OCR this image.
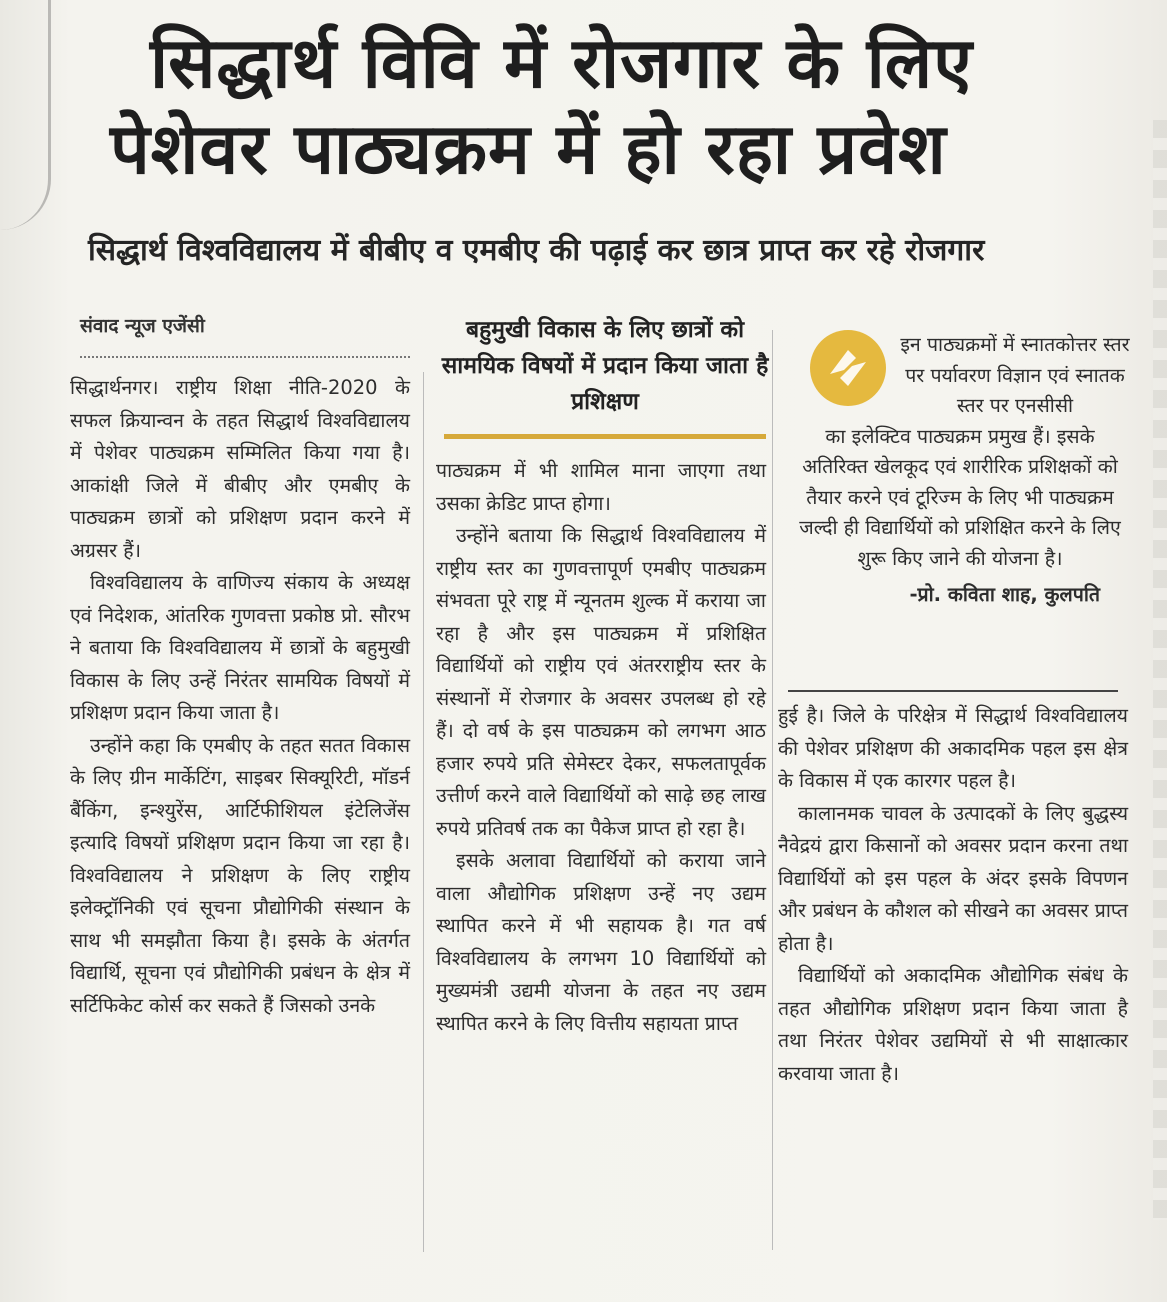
सिद्धार्थ विवि में रोजगार के लिए
पेशेवर पाठ्यक्रम में हो रहा प्रवेश
सिद्धार्थ विश्वविद्यालय में बीबीए व एमबीए की पढ़ाई कर छात्र प्राप्त कर रहे रोजगार
संवाद न्यूज एजेंसी

सिद्धार्थनगर। राष्ट्रीय शिक्षा नीति-2020 के सफल क्रियान्वन के तहत सिद्धार्थ विश्वविद्यालय में पेशेवर पाठ्यक्रम सम्मिलित किया गया है। आकांक्षी जिले में बीबीए और एमबीए के पाठ्यक्रम छात्रों को प्रशिक्षण प्रदान करने में अग्रसर हैं।

विश्वविद्यालय के वाणिज्य संकाय के अध्यक्ष एवं निदेशक, आंतरिक गुणवत्ता प्रकोष्ठ प्रो. सौरभ ने बताया कि विश्वविद्यालय में छात्रों के बहुमुखी विकास के लिए उन्हें निरंतर सामयिक विषयों में प्रशिक्षण प्रदान किया जाता है।

उन्होंने कहा कि एमबीए के तहत सतत विकास के लिए ग्रीन मार्केटिंग, साइबर सिक्यूरिटी, मॉडर्न बैंकिंग, इन्श्युरेंस, आर्टिफीशियल इंटेलिजेंस इत्यादि विषयों प्रशिक्षण प्रदान किया जा रहा है। विश्वविद्यालय ने प्रशिक्षण के लिए राष्ट्रीय इलेक्ट्रॉनिकी एवं सूचना प्रौद्योगिकी संस्थान के साथ भी समझौता किया है। इसके के अंतर्गत विद्यार्थि, सूचना एवं प्रौद्योगिकी प्रबंधन के क्षेत्र में सर्टिफिकेट कोर्स कर सकते हैं जिसको उनके

बहुमुखी विकास के लिए छात्रों को सामयिक विषयों में प्रदान किया जाता है प्रशिक्षण

पाठ्यक्रम में भी शामिल माना जाएगा तथा उसका क्रेडिट प्राप्त होगा।

उन्होंने बताया कि सिद्धार्थ विश्वविद्यालय में राष्ट्रीय स्तर का गुणवत्तापूर्ण एमबीए पाठ्यक्रम संभवता पूरे राष्ट्र में न्यूनतम शुल्क में कराया जा रहा है और इस पाठ्यक्रम में प्रशिक्षित विद्यार्थियों को राष्ट्रीय एवं अंतरराष्ट्रीय स्तर के संस्थानों में रोजगार के अवसर उपलब्ध हो रहे हैं। दो वर्ष के इस पाठ्यक्रम को लगभग आठ हजार रुपये प्रति सेमेस्टर देकर, सफलतापूर्वक उत्तीर्ण करने वाले विद्यार्थियों को साढ़े छह लाख रुपये प्रतिवर्ष तक का पैकेज प्राप्त हो रहा है।

इसके अलावा विद्यार्थियों को कराया जाने वाला औद्योगिक प्रशिक्षण उन्हें नए उद्यम स्थापित करने में भी सहायक है। गत वर्ष विश्वविद्यालय के लगभग 10 विद्यार्थियों को मुख्यमंत्री उद्यमी योजना के तहत नए उद्यम स्थापित करने के लिए वित्तीय सहायता प्राप्त

इन पाठ्यक्रमों में स्नातकोत्तर स्तर पर पर्यावरण विज्ञान एवं स्नातक स्तर पर एनसीसी
का इलेक्टिव पाठ्यक्रम प्रमुख हैं। इसके अतिरिक्त खेलकूद एवं शारीरिक प्रशिक्षकों को तैयार करने एवं टूरिज्म के लिए भी पाठ्यक्रम जल्दी ही विद्यार्थियों को प्रशिक्षित करने के लिए शुरू किए जाने की योजना है।
-प्रो. कविता शाह, कुलपति

हुई है। जिले के परिक्षेत्र में सिद्धार्थ विश्वविद्यालय की पेशेवर प्रशिक्षण की अकादमिक पहल इस क्षेत्र के विकास में एक कारगर पहल है।

कालानमक चावल के उत्पादकों के लिए बुद्धस्य नैवेद्रयं द्वारा किसानों को अवसर प्रदान करना तथा विद्यार्थियों को इस पहल के अंदर इसके विपणन और प्रबंधन के कौशल को सीखने का अवसर प्राप्त होता है।

विद्यार्थियों को अकादमिक औद्योगिक संबंध के तहत औद्योगिक प्रशिक्षण प्रदान किया जाता है तथा निरंतर पेशेवर उद्यमियों से भी साक्षात्कार करवाया जाता है।
